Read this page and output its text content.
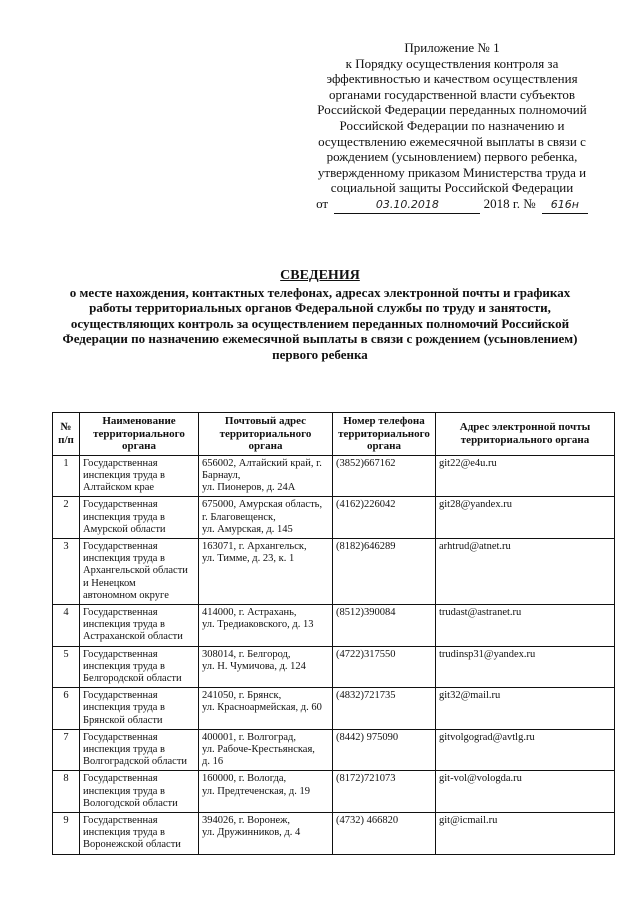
Приложение № 1
к Порядку осуществления контроля за
эффективностью и качеством осуществления
органами государственной власти субъектов
Российской Федерации переданных полномочий
Российской Федерации по назначению и
осуществлению ежемесячной выплаты в связи с
рождением (усыновлением) первого ребенка,
утвержденному приказом Министерства труда и
социальной защиты Российской Федерации
от	03.10.2018	2018 г. № 616н
СВЕДЕНИЯ
о месте нахождения, контактных телефонах, адресах электронной почты и графиках
работы территориальных органов Федеральной службы по труду и занятости,
осуществляющих контроль за осуществлением переданных полномочий Российской
Федерации по назначению ежемесячной выплаты в связи с рождением (усыновлением)
первого ребенка
№
п/п	Наименование
территориального
органа	Почтовый адрес
территориального
органа	Номер телефона
территориального
органа	Адрес электронной почты
территориального органа

1	Государственная
инспекция труда в
Алтайском крае	656002, Алтайский край, г.
Барнаул,
ул. Пионеров, д. 24А	(3852)667162	git22@e4u.ru
2	Государственная
инспекция труда в
Амурской области	675000, Амурская область,
г. Благовещенск,
ул. Амурская, д. 145	(4162)226042	git28@yandex.ru
3	Государственная
инспекция труда в
Архангельской области
и Ненецком
автономном округе	163071, г. Архангельск,
ул. Тимме, д. 23, к. 1	(8182)646289	arhtrud@atnet.ru
4	Государственная
инспекция труда в
Астраханской области	414000, г. Астрахань,
ул. Тредиаковского, д. 13	(8512)390084	trudast@astranet.ru
5	Государственная
инспекция труда в
Белгородской области	308014, г. Белгород,
ул. Н. Чумичова, д. 124	(4722)317550	trudinsp31@yandex.ru
6	Государственная
инспекция труда в
Брянской области	241050, г. Брянск,
ул. Красноармейская, д. 60	(4832)721735	git32@mail.ru
7	Государственная
инспекция труда в
Волгоградской области	400001, г. Волгоград,
ул. Рабоче-Крестьянская,
д. 16	(8442) 975090	gitvolgograd@avtlg.ru
8	Государственная
инспекция труда в
Вологодской области	160000, г. Вологда,
ул. Предтеченская, д. 19	(8172)721073	git-vol@vologda.ru
9	Государственная
инспекция труда в
Воронежской области	394026, г. Воронеж,
ул. Дружинников, д. 4	(4732) 466820	git@icmail.ru
